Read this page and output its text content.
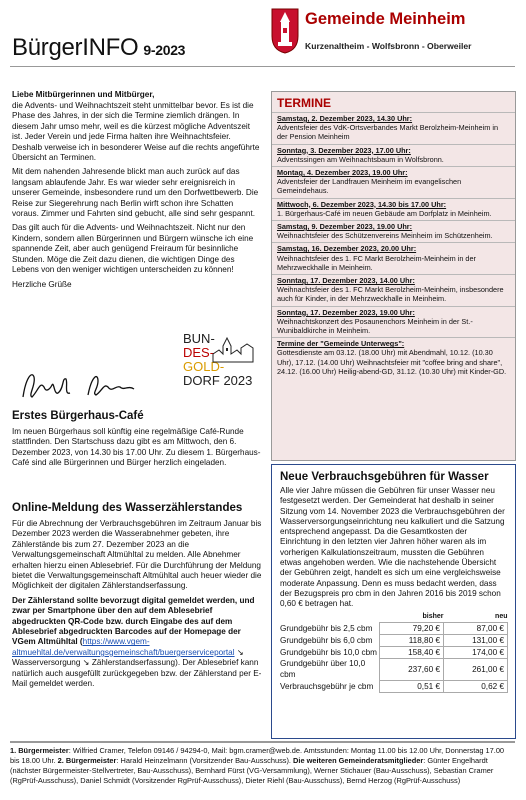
BürgerINFO 9-2023
Gemeinde Meinheim
Kurzenaltheim - Wolfsbronn - Oberweiler
Liebe Mitbürgerinnen und Mitbürger,

die Advents- und Weihnachtszeit steht unmittelbar bevor. Es ist die Phase des Jahres, in der sich die Termine ziemlich drängen. In diesem Jahr umso mehr, weil es die kürzest mögliche Adventszeit ist. Jeder Verein und jede Firma halten ihre Weihnachtsfeier. Deshalb verweise ich in besonderer Weise auf die rechts angeführte Übersicht an Terminen.

Mit dem nahenden Jahresende blickt man auch zurück auf das langsam ablaufende Jahr. Es war wieder sehr ereignisreich in unserer Gemeinde, insbesondere rund um den Dorfwettbewerb. Die Reise zur Siegerehrung nach Berlin wirft schon ihre Schatten voraus. Zimmer und Fahrten sind gebucht, alle sind sehr gespannt.

Das gilt auch für die Advents- und Weihnachtszeit. Nicht nur den Kindern, sondern allen Bürgerinnen und Bürgern wünsche ich eine spannende Zeit, aber auch genügend Freiraum für besinnliche Stunden. Möge die Zeit dazu dienen, die wichtigen Dinge des Lebens von den weniger wichtigen unterscheiden zu können!

Herzliche Grüße

BUN-
DES-
GOLD-
DORF 2023
Erstes Bürgerhaus-Café
Im neuen Bürgerhaus soll künftig eine regelmäßige Café-Runde stattfinden. Den Startschuss dazu gibt es am Mittwoch, den 6. Dezember 2023, von 14.30 bis 17.00 Uhr. Zu diesem 1. Bürgerhaus-Café sind alle Bürgerinnen und Bürger herzlich eingeladen.
Online-Meldung des Wasserzählerstandes

Für die Abrechnung der Verbrauchsgebühren im Zeitraum Januar bis Dezember 2023 werden die Wasserabnehmer gebeten, ihre Zählerstände bis zum 27. Dezember 2023 an die Verwaltungsgemeinschaft Altmühltal zu melden. Alle Abnehmer erhalten hierzu einen Ablesebrief. Für die Durchführung der Meldung bietet die Verwaltungsgemeinschaft Altmühltal auch heuer wieder die Möglichkeit der digitalen Zählerstandserfassung.

Der Zählerstand sollte bevorzugt digital gemeldet werden, und zwar per Smartphone über den auf dem Ablesebrief abgedruckten QR-Code bzw. durch Eingabe des auf dem Ablesebrief abgedruckten Barcodes auf der Homepage der VGem Altmühltal (https://www.vgem-altmuehltal.de/verwaltungsgemeinschaft/buergerserviceportal ↘ Wasserversorgung ↘ Zählerstandserfassung). Der Ablesebrief kann natürlich auch ausgefüllt zurückgegeben bzw. der Zählerstand per E-Mail gemeldet werden.

TERMINE
Samstag, 2. Dezember 2023, 14.30 Uhr:
Adventsfeier des VdK-Ortsverbandes Markt Berolzheim-Meinheim in der Pension Meinheim
Sonntag, 3. Dezember 2023, 17.00 Uhr:
Adventssingen am Weihnachtsbaum in Wolfsbronn.
Montag, 4. Dezember 2023, 19.00 Uhr:
Adventsfeier der Landfrauen Meinheim im evangelischen Gemeindehaus.
Mittwoch, 6. Dezember 2023, 14.30 bis 17.00 Uhr:
1. Bürgerhaus-Café im neuen Gebäude am Dorfplatz in Meinheim.
Samstag, 9. Dezember 2023, 19.00 Uhr:
Weihnachtsfeier des Schützenvereins Meinheim im Schützenheim.
Samstag, 16. Dezember 2023, 20.00 Uhr:
Weihnachtsfeier des 1. FC Markt Berolzheim-Meinheim in der Mehrzweckhalle in Meinheim.
Sonntag, 17. Dezember 2023, 14.00 Uhr:
Weihnachtsfeier des 1. FC Markt Berolzheim-Meinheim, insbesondere auch für Kinder, in der Mehrzweckhalle in Meinheim.
Sonntag, 17. Dezember 2023, 19.00 Uhr:
Weihnachtskonzert des Posaunenchors Meinheim in der St.-Wunibaldkirche in Meinheim.
Termine der "Gemeinde Unterwegs":
Gottesdienste am 03.12. (18.00 Uhr) mit Abendmahl, 10.12. (10.30 Uhr), 17.12. (14.00 Uhr) Weihnachtsfeier mit "coffee bring and share", 24.12. (16.00 Uhr) Heilig-abend-GD, 31.12. (10.30 Uhr) mit Kinder-GD.
Neue Verbrauchsgebühren für Wasser
Alle vier Jahre müssen die Gebühren für unser Wasser neu festgesetzt werden. Der Gemeinderat hat deshalb in seiner Sitzung vom 14. November 2023 die Verbrauchsgebühren der Wasserversorgungseinrichtung neu kalkuliert und die Satzung entsprechend angepasst. Da die Gesamtkosten der Einrichtung in den letzten vier Jahren höher waren als im vorherigen Kalkulationszeitraum, mussten die Gebühren etwas angehoben werden. Wie die nachstehende Übersicht der Gebühren zeigt, handelt es sich um eine vergleichsweise moderate Anpassung. Denn es muss bedacht werden, dass der Bezugspreis pro cbm in den Jahren 2016 bis 2019 schon 0,60 € betragen hat.
	bisher	neu
Grundgebühr bis 2,5 cbm	79,20 €	87,00 €
Grundgebühr bis 6,0 cbm	118,80 €	131,00 €
Grundgebühr bis 10,0 cbm	158,40 €	174,00 €
Grundgebühr über 10,0 cbm	237,60 €	261,00 €
Verbrauchsgebühr je cbm	0,51 €	0,62 €
1. Bürgermeister: Wilfried Cramer, Telefon 09146 / 94294-0, Mail: bgm.cramer@web.de. Amtsstunden: Montag 11.00 bis 12.00 Uhr, Donnerstag 17.00 bis 18.00 Uhr. 2. Bürgermeister: Harald Heinzelmann (Vorsitzender Bau-Ausschuss). Die weiteren Gemeinderatsmitglieder: Günter Engelhardt (nächster Bürgermeister-Stellvertreter, Bau-Ausschuss), Bernhard Fürst (VG-Versammlung), Werner Stichauer (Bau-Ausschuss), Sebastian Cramer (RgPrüf-Ausschuss), Daniel Schmidt (Vorsitzender RgPrüf-Ausschuss), Dieter Riehl (Bau-Ausschuss), Bernd Herzog (RgPrüf-Ausschuss)
